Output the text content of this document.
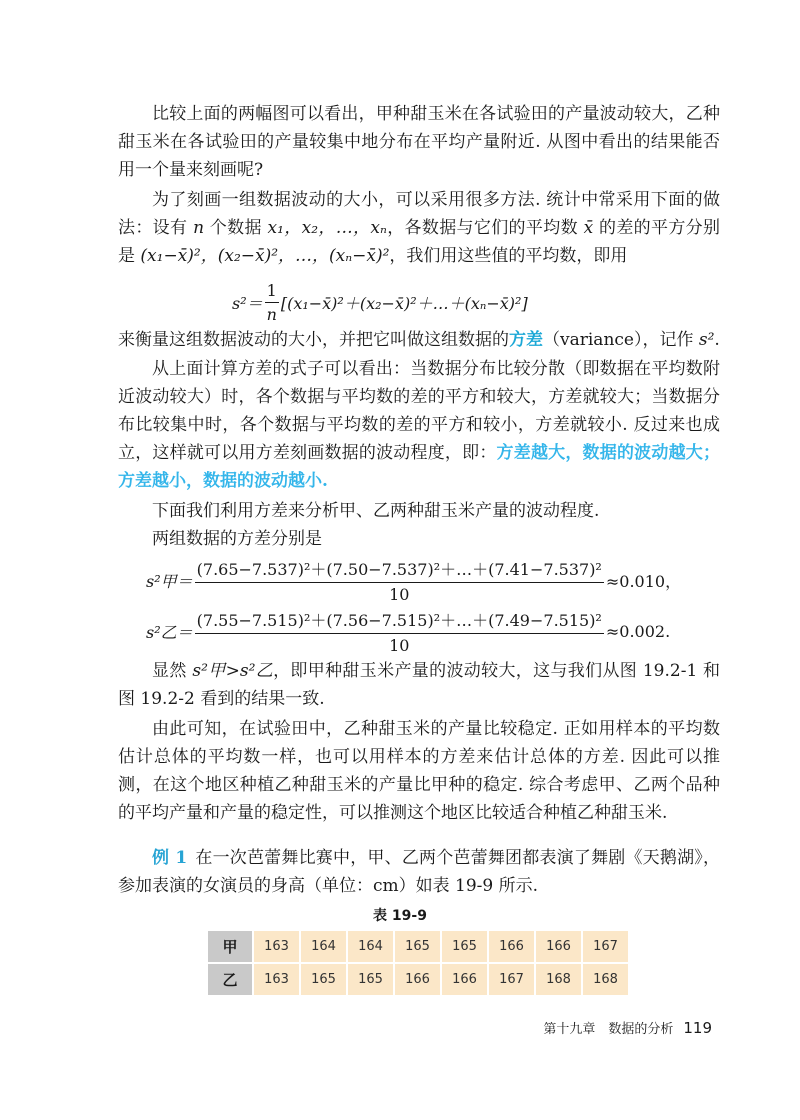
比较上面的两幅图可以看出，甲种甜玉米在各试验田的产量波动较大，乙种甜玉米在各试验田的产量较集中地分布在平均产量附近. 从图中看出的结果能否用一个量来刻画呢?

为了刻画一组数据波动的大小，可以采用很多方法. 统计中常采用下面的做法：设有 n 个数据 x₁，x₂，…，xₙ，各数据与它们的平均数 x̄ 的差的平方分别是 (x₁−x̄)²，(x₂−x̄)²，…，(xₙ−x̄)²，我们用这些值的平均数，即用

$s^2= \frac{1}{n}$ [(x₁−x̄)²＋(x₂−x̄)²＋…＋(xₙ−x̄)²]

来衡量这组数据波动的大小，并把它叫做这组数据的方差（variance），记作 s².

从上面计算方差的式子可以看出：当数据分布比较分散（即数据在平均数附近波动较大）时，各个数据与平均数的差的平方和较大，方差就较大；当数据分布比较集中时，各个数据与平均数的差的平方和较小，方差就较小. 反过来也成立，这样就可以用方差刻画数据的波动程度，即：方差越大，数据的波动越大；方差越小，数据的波动越小.

下面我们利用方差来分析甲、乙两种甜玉米产量的波动程度.

两组数据的方差分别是

s²甲＝ $\frac{\text{(7.65−7.537)²＋(7.50−7.537)²＋…＋(7.41−7.537)²}}{10} \approx 0.010$，
s²乙＝ $\frac{\text{(7.55−7.515)²＋(7.56−7.515)²＋…＋(7.49−7.515)²}}{10} \approx 0.002$.

显然 s²甲>s²乙，即甲种甜玉米产量的波动较大，这与我们从图 19.2-1 和图 19.2-2 看到的结果一致.

由此可知，在试验田中，乙种甜玉米的产量比较稳定. 正如用样本的平均数估计总体的平均数一样，也可以用样本的方差来估计总体的方差. 因此可以推测，在这个地区种植乙种甜玉米的产量比甲种的稳定. 综合考虑甲、乙两个品种的平均产量和产量的稳定性，可以推测这个地区比较适合种植乙种甜玉米.

例 1 在一次芭蕾舞比赛中，甲、乙两个芭蕾舞团都表演了舞剧《天鹅湖》，参加表演的女演员的身高（单位：cm）如表 19-9 所示.

表 19-9
甲	163	164	164	165	165	166	166	167
乙	163	165	165	166	166	167	168	168
第十九章　数据的分析 119
